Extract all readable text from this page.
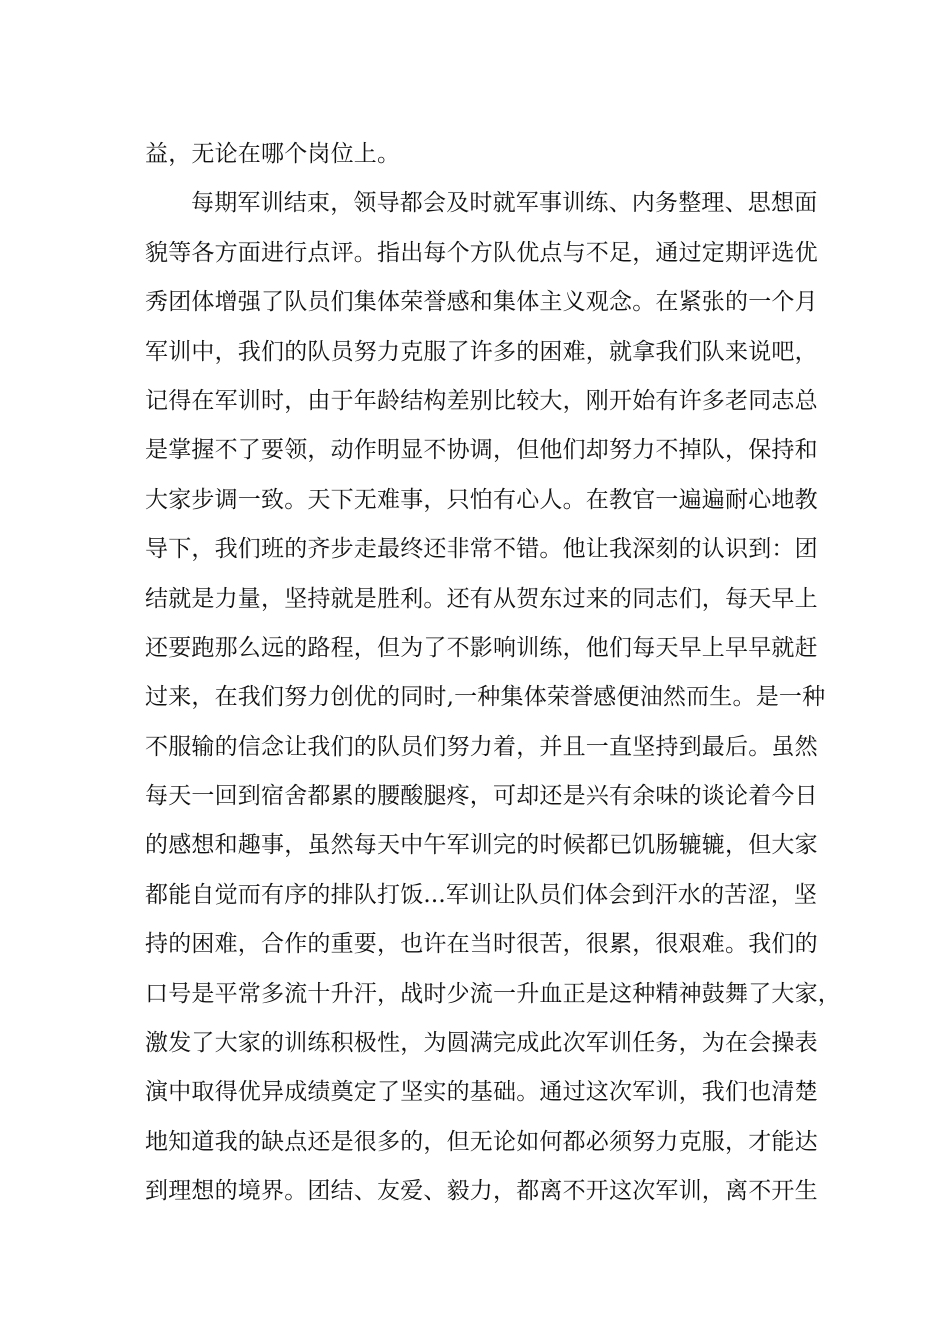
益，无论在哪个岗位上。
每期军训结束，领导都会及时就军事训练、内务整理、思想面
貌等各方面进行点评。指出每个方队优点与不足，通过定期评选优
秀团体增强了队员们集体荣誉感和集体主义观念。在紧张的一个月
军训中，我们的队员努力克服了许多的困难，就拿我们队来说吧，
记得在军训时，由于年龄结构差别比较大，刚开始有许多老同志总
是掌握不了要领，动作明显不协调，但他们却努力不掉队，保持和
大家步调一致。天下无难事，只怕有心人。在教官一遍遍耐心地教
导下，我们班的齐步走最终还非常不错。他让我深刻的认识到：团
结就是力量，坚持就是胜利。还有从贺东过来的同志们，每天早上
还要跑那么远的路程，但为了不影响训练，他们每天早上早早就赶
过来，在我们努力创优的同时,一种集体荣誉感便油然而生。是一种
不服输的信念让我们的队员们努力着，并且一直坚持到最后。虽然
每天一回到宿舍都累的腰酸腿疼，可却还是兴有余味的谈论着今日
的感想和趣事，虽然每天中午军训完的时候都已饥肠辘辘，但大家
都能自觉而有序的排队打饭...军训让队员们体会到汗水的苦涩，坚
持的困难，合作的重要，也许在当时很苦，很累，很艰难。我们的
口号是平常多流十升汗，战时少流一升血正是这种精神鼓舞了大家，
激发了大家的训练积极性，为圆满完成此次军训任务，为在会操表
演中取得优异成绩奠定了坚实的基础。通过这次军训，我们也清楚
地知道我的缺点还是很多的，但无论如何都必须努力克服，才能达
到理想的境界。团结、友爱、毅力，都离不开这次军训，离不开生
